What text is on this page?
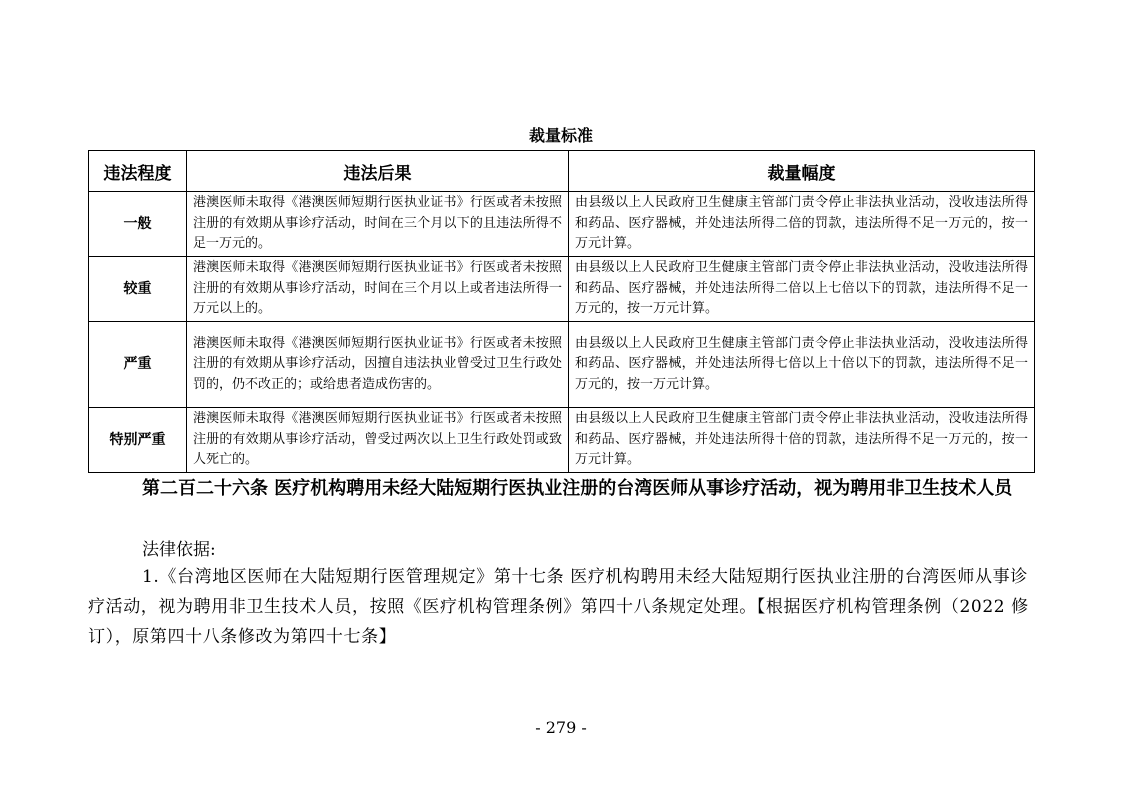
裁量标准
违法程度	违法后果	裁量幅度
一般	港澳医师未取得《港澳医师短期行医执业证书》行医或者未按照注册的有效期从事诊疗活动，时间在三个月以下的且违法所得不足一万元的。	由县级以上人民政府卫生健康主管部门责令停止非法执业活动，没收违法所得和药品、医疗器械，并处违法所得二倍的罚款，违法所得不足一万元的，按一万元计算。
较重	港澳医师未取得《港澳医师短期行医执业证书》行医或者未按照注册的有效期从事诊疗活动，时间在三个月以上或者违法所得一万元以上的。	由县级以上人民政府卫生健康主管部门责令停止非法执业活动，没收违法所得和药品、医疗器械，并处违法所得二倍以上七倍以下的罚款，违法所得不足一万元的，按一万元计算。
严重	港澳医师未取得《港澳医师短期行医执业证书》行医或者未按照注册的有效期从事诊疗活动，因擅自违法执业曾受过卫生行政处罚的，仍不改正的；或给患者造成伤害的。	由县级以上人民政府卫生健康主管部门责令停止非法执业活动，没收违法所得和药品、医疗器械，并处违法所得七倍以上十倍以下的罚款，违法所得不足一万元的，按一万元计算。
特别严重	港澳医师未取得《港澳医师短期行医执业证书》行医或者未按照注册的有效期从事诊疗活动，曾受过两次以上卫生行政处罚或致人死亡的。	由县级以上人民政府卫生健康主管部门责令停止非法执业活动，没收违法所得和药品、医疗器械，并处违法所得十倍的罚款，违法所得不足一万元的，按一万元计算。

第二百二十六条 医疗机构聘用未经大陆短期行医执业注册的台湾医师从事诊疗活动，视为聘用非卫生技术人员

法律依据:

1.《台湾地区医师在大陆短期行医管理规定》第十七条 医疗机构聘用未经大陆短期行医执业注册的台湾医师从事诊疗活动，视为聘用非卫生技术人员，按照《医疗机构管理条例》第四十八条规定处理。【根据医疗机构管理条例（2022 修订），原第四十八条修改为第四十七条】

- 279 -
